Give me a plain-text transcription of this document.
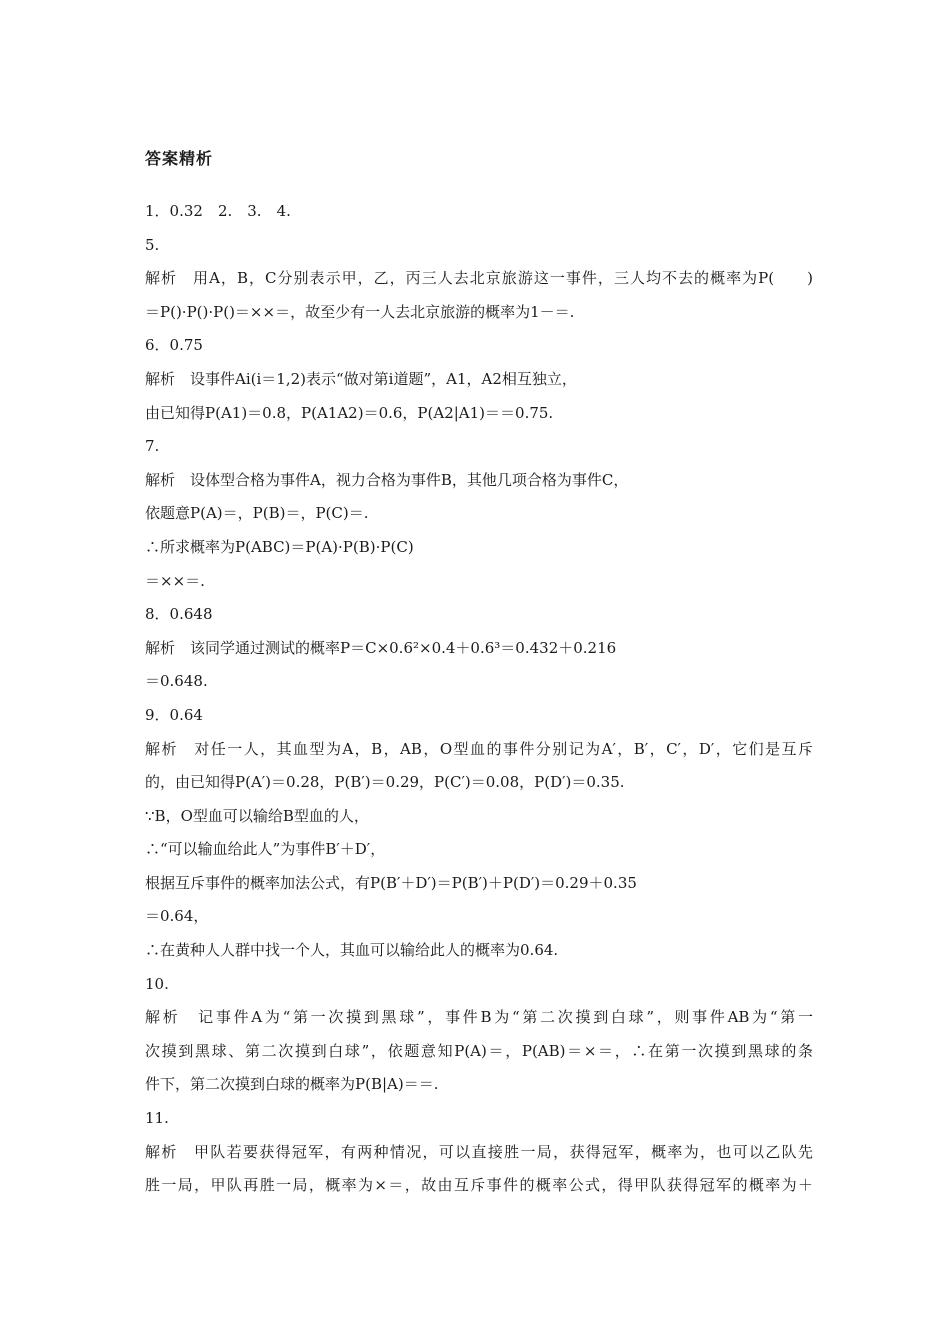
答案精析
1．0.32　2.　3.　4.
5.
解析　用A，B，C分别表示甲，乙，丙三人去北京旅游这一事件，三人均不去的概率为P(　　)
＝P()·P()·P()＝××＝，故至少有一人去北京旅游的概率为1－＝.
6．0.75
解析　设事件Ai(i＝1,2)表示“做对第i道题”，A1，A2相互独立，
由已知得P(A1)＝0.8，P(A1A2)＝0.6，P(A2|A1)＝＝0.75.
7.
解析　设体型合格为事件A，视力合格为事件B，其他几项合格为事件C，
依题意P(A)＝，P(B)＝，P(C)＝.
∴所求概率为P(ABC)＝P(A)·P(B)·P(C)
＝××＝.
8．0.648
解析　该同学通过测试的概率P＝C×0.6²×0.4＋0.6³＝0.432＋0.216
＝0.648.
9．0.64
解析　对任一人，其血型为A，B，AB，O型血的事件分别记为A′，B′，C′，D′，它们是互斥
的，由已知得P(A′)＝0.28，P(B′)＝0.29，P(C′)＝0.08，P(D′)＝0.35.
∵B，O型血可以输给B型血的人，
∴“可以输血给此人”为事件B′＋D′，
根据互斥事件的概率加法公式，有P(B′＋D′)＝P(B′)＋P(D′)＝0.29＋0.35
＝0.64，
∴在黄种人人群中找一个人，其血可以输给此人的概率为0.64.
10.
解析　记事件A为“第一次摸到黑球”，事件B为“第二次摸到白球”，则事件AB为“第一
次摸到黑球、第二次摸到白球”，依题意知P(A)＝，P(AB)＝×＝，∴在第一次摸到黑球的条
件下，第二次摸到白球的概率为P(B|A)＝＝.
11.
解析　甲队若要获得冠军，有两种情况，可以直接胜一局，获得冠军，概率为，也可以乙队先
胜一局，甲队再胜一局，概率为×＝，故由互斥事件的概率公式，得甲队获得冠军的概率为＋
